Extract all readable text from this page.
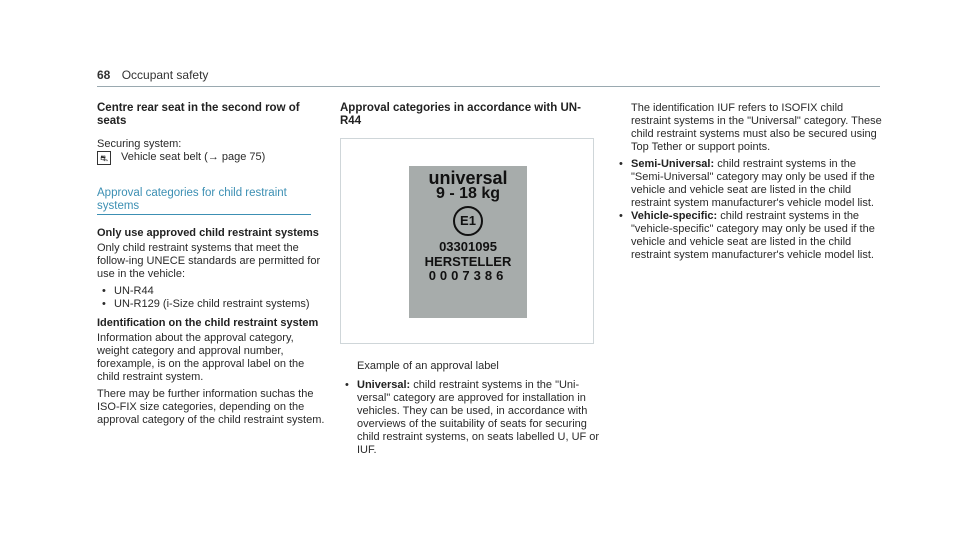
68 Occupant safety
Centre rear seat in the second row of seats

Securing system:

⛐ Vehicle seat belt (→ page 75)
Approval categories for child restraint systems
Only use approved child restraint systems

Only child restraint systems that meet the follow-ing UNECE standards are permitted for use in the vehicle:

• UN-R44
• UN-R129 (i-Size child restraint systems)
Identification on the child restraint system

Information about the approval category, weight category and approval number, forexample, is on the approval label on the child restraint system.

There may be further information suchas the ISO-FIX size categories, depending on the approval category of the child restraint system.

Approval categories in accordance with UN-R44
universal
9 - 18 kg
E1
03301095
HERSTELLER
0007386

Example of an approval label

• Universal: child restraint systems in the "Uni-versal" category are approved for installation in vehicles. They can be used, in accordance with overviews of the suitability of seats for securing child restraint systems, on seats labelled U, UF or IUF.

The identification IUF refers to ISOFIX child restraint systems in the "Universal" category. These child restraint systems must also be secured using Top Tether or support points.

• Semi-Universal: child restraint systems in the "Semi-Universal" category may only be used if the vehicle and vehicle seat are listed in the child restraint system manufacturer's vehicle model list.
• Vehicle-specific: child restraint systems in the "vehicle-specific" category may only be used if the vehicle and vehicle seat are listed in the child restraint system manufacturer's vehicle model list.
